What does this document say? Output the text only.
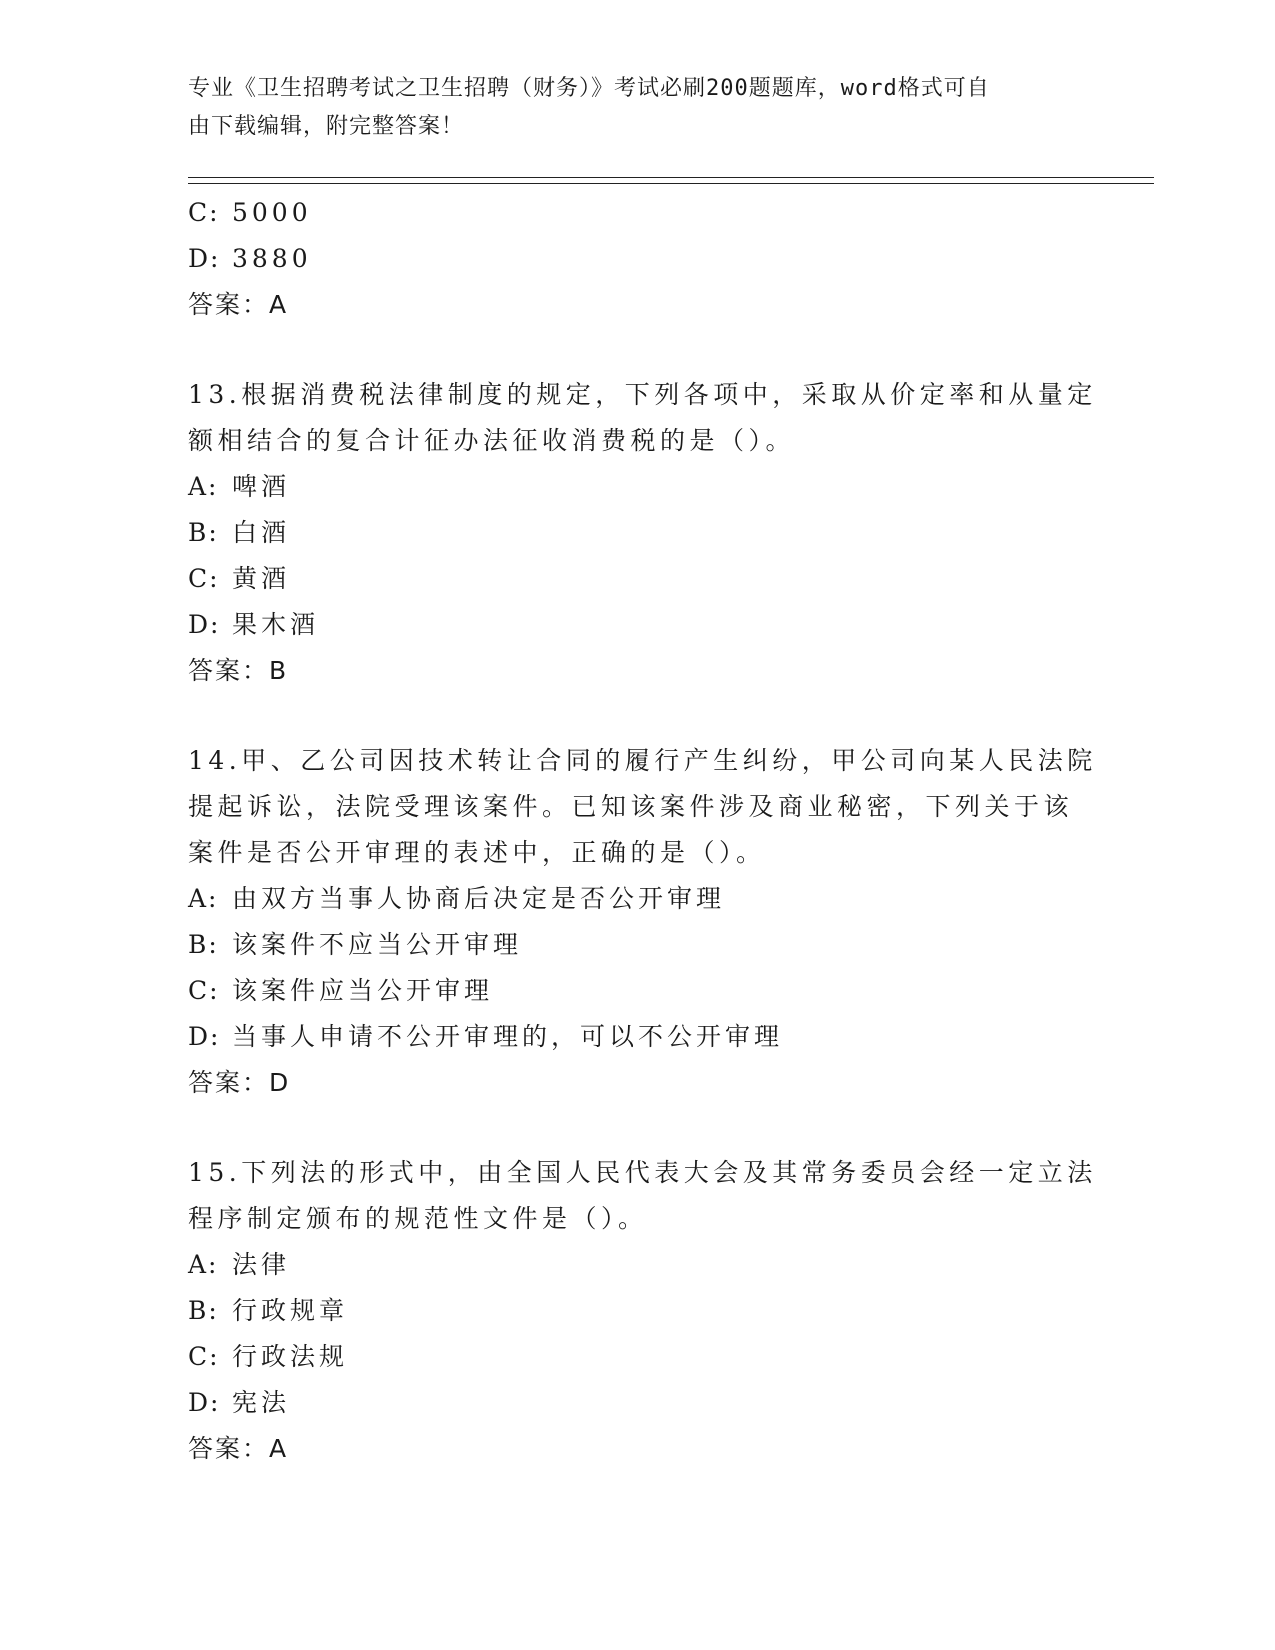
专业《卫生招聘考试之卫生招聘（财务）》考试必刷200题题库，word格式可自
由下载编辑，附完整答案！
C: 5000
D: 3880
答案：A
13.根据消费税法律制度的规定，下列各项中，采取从价定率和从量定
额相结合的复合计征办法征收消费税的是（）。
A: 啤酒
B: 白酒
C: 黄酒
D: 果木酒
答案：B
14.甲、乙公司因技术转让合同的履行产生纠纷，甲公司向某人民法院
提起诉讼，法院受理该案件。已知该案件涉及商业秘密，下列关于该
案件是否公开审理的表述中，正确的是（）。
A: 由双方当事人协商后决定是否公开审理
B: 该案件不应当公开审理
C: 该案件应当公开审理
D: 当事人申请不公开审理的，可以不公开审理
答案：D
15.下列法的形式中，由全国人民代表大会及其常务委员会经一定立法
程序制定颁布的规范性文件是（）。
A: 法律
B: 行政规章
C: 行政法规
D: 宪法
答案：A
